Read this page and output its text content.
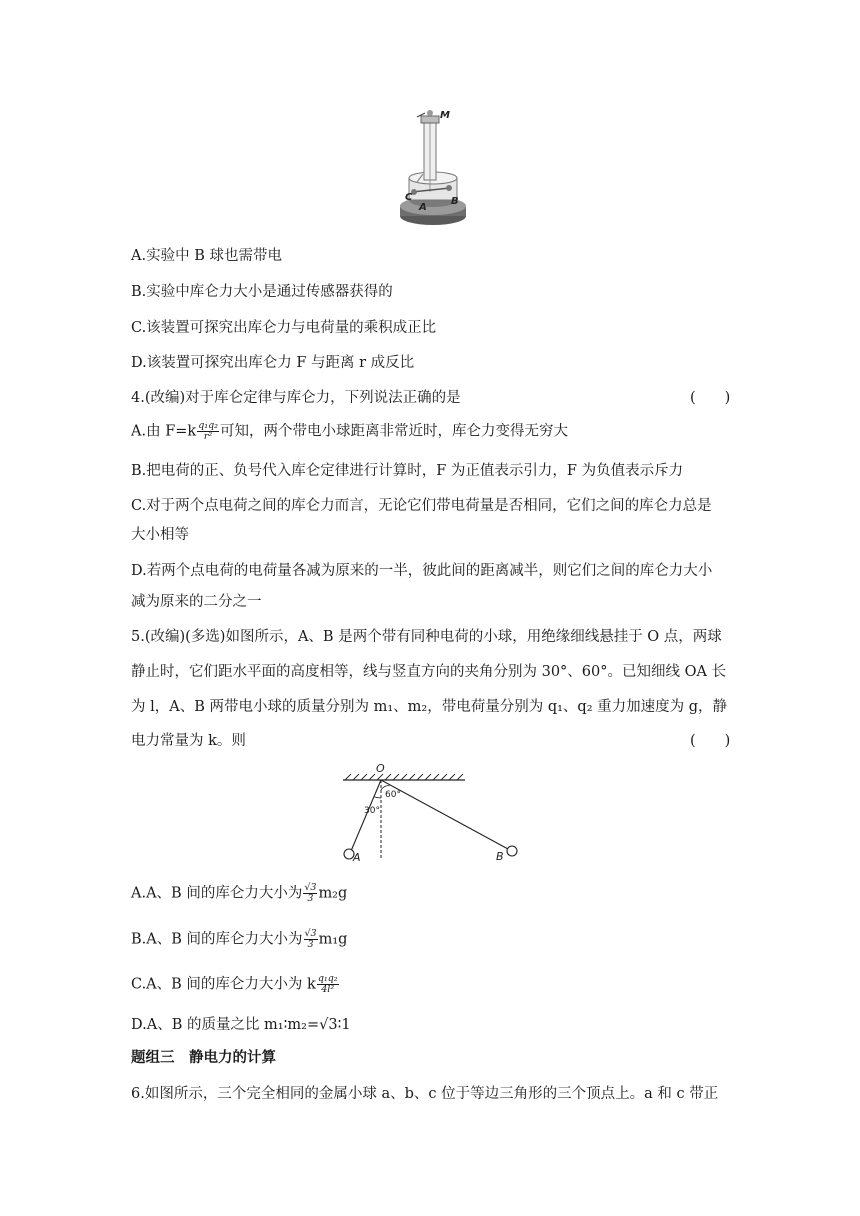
M
C
A
B
A.实验中 B 球也需带电
B.实验中库仑力大小是通过传感器获得的
C.该装置可探究出库仑力与电荷量的乘积成正比
D.该装置可探究出库仑力 F 与距离 r 成反比
4.(改编)对于库仑定律与库仑力，下列说法正确的是	(　　)
A.由 $F=k \frac{\text{q₁q₂}}{\text{r²}}$ 可知，两个带电小球距离非常近时，库仑力变得无穷大
B.把电荷的正、负号代入库仑定律进行计算时，F 为正值表示引力，F 为负值表示斥力
C.对于两个点电荷之间的库仑力而言，无论它们带电荷量是否相同，它们之间的库仑力总是
大小相等
D.若两个点电荷的电荷量各减为原来的一半，彼此间的距离减半，则它们之间的库仑力大小
减为原来的二分之一
5.(改编)(多选)如图所示，A、B 是两个带有同种电荷的小球，用绝缘细线悬挂于 O 点，两球
静止时，它们距水平面的高度相等，线与竖直方向的夹角分别为 30°、60°。已知细线 OA 长
为 l，A、B 两带电小球的质量分别为 m₁、m₂，带电荷量分别为 q₁、q₂ 重力加速度为 g，静
电力常量为 k。则	(　　)
O
60°
30°
A	B
A.A、B 间的库仑力大小为 $\frac{√3}{3} m_2g$
B.A、B 间的库仑力大小为 $\frac{√3}{3} m_1g$
C.A、B 间的库仑力大小为 k $\frac{\text{q₁q₂}}{\text{4l²}}$
D.A、B 的质量之比 m₁∶m₂=√3∶1
题组三　静电力的计算
6.如图所示，三个完全相同的金属小球 a、b、c 位于等边三角形的三个顶点上。a 和 c 带正
